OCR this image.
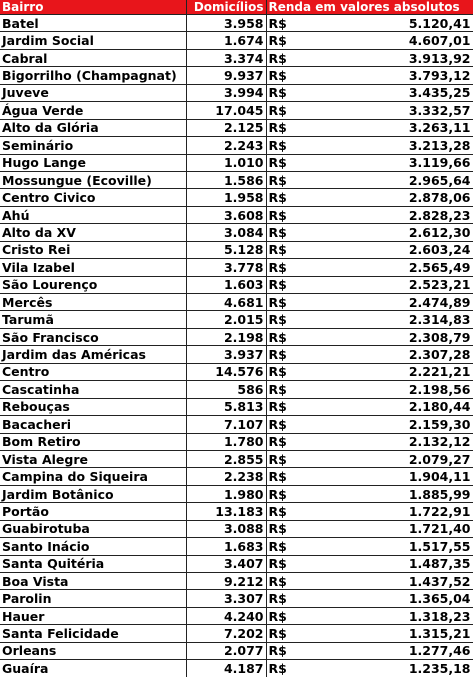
Bairro	Domicílios	Renda em valores absolutos
Batel	3.958	R$ 5.120,41

Jardim Social	1.674	R$ 4.607,01

Cabral	3.374	R$ 3.913,92

Bigorrilho (Champagnat)	9.937	R$ 3.793,12

Juveve	3.994	R$ 3.435,25

Água Verde	17.045	R$ 3.332,57

Alto da Glória	2.125	R$ 3.263,11

Seminário	2.243	R$ 3.213,28

Hugo Lange	1.010	R$ 3.119,66

Mossungue (Ecoville)	1.586	R$ 2.965,64

Centro Civico	1.958	R$ 2.878,06

Ahú	3.608	R$ 2.828,23

Alto da XV	3.084	R$ 2.612,30

Cristo Rei	5.128	R$ 2.603,24

Vila Izabel	3.778	R$ 2.565,49

São Lourenço	1.603	R$ 2.523,21

Mercês	4.681	R$ 2.474,89

Tarumã	2.015	R$ 2.314,83

São Francisco	2.198	R$ 2.308,79

Jardim das Américas	3.937	R$ 2.307,28

Centro	14.576	R$ 2.221,21

Cascatinha	586	R$ 2.198,56

Rebouças	5.813	R$ 2.180,44

Bacacheri	7.107	R$ 2.159,30

Bom Retiro	1.780	R$ 2.132,12

Vista Alegre	2.855	R$ 2.079,27

Campina do Siqueira	2.238	R$ 1.904,11

Jardim Botânico	1.980	R$ 1.885,99

Portão	13.183	R$ 1.722,91

Guabirotuba	3.088	R$ 1.721,40

Santo Inácio	1.683	R$ 1.517,55

Santa Quitéria	3.407	R$ 1.487,35

Boa Vista	9.212	R$ 1.437,52

Parolin	3.307	R$ 1.365,04

Hauer	4.240	R$ 1.318,23

Santa Felicidade	7.202	R$ 1.315,21

Orleans	2.077	R$ 1.277,46

Guaíra	4.187	R$ 1.235,18
